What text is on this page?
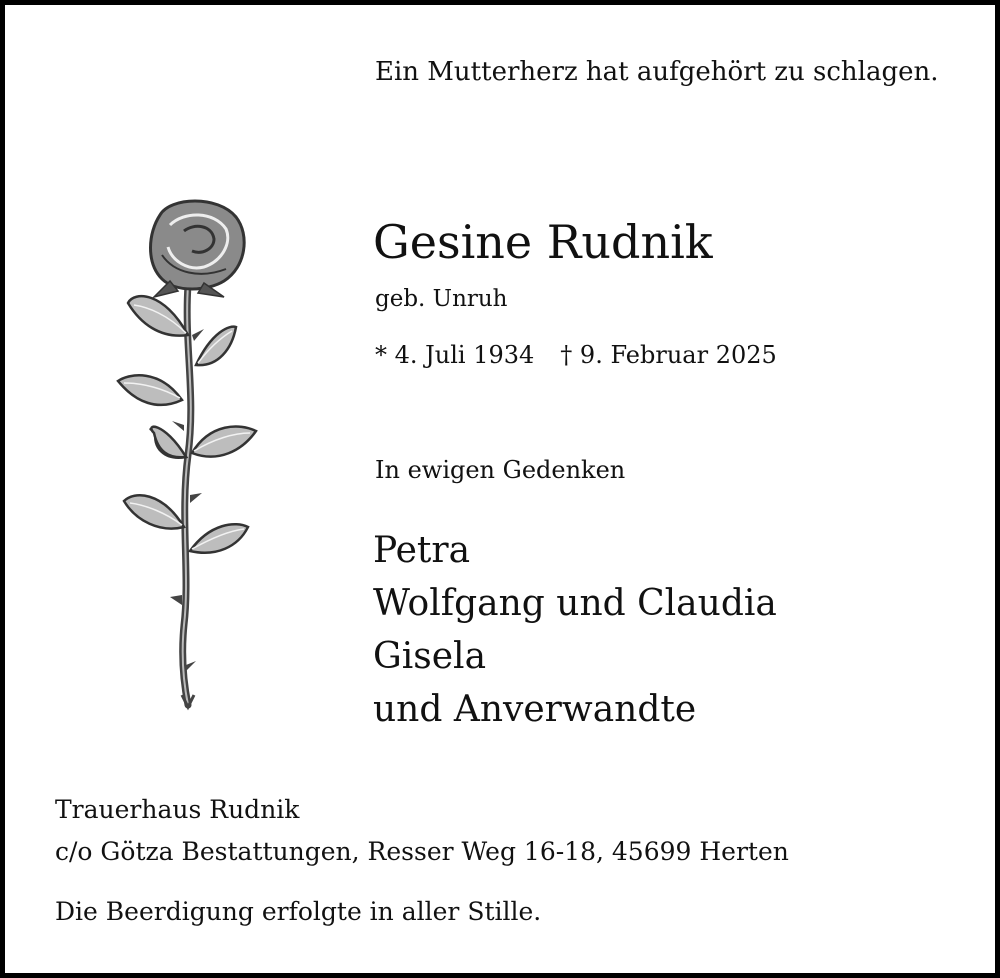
Ein Mutterherz hat aufgehört zu schlagen.
Gesine Rudnik
geb. Unruh
* 4. Juli 1934 † 9. Februar 2025
In ewigen Gedenken
Petra
Wolfgang und Claudia
Gisela
und Anverwandte
Trauerhaus Rudnik
c/o Götza Bestattungen, Resser Weg 16-18, 45699 Herten
Die Beerdigung erfolgte in aller Stille.
